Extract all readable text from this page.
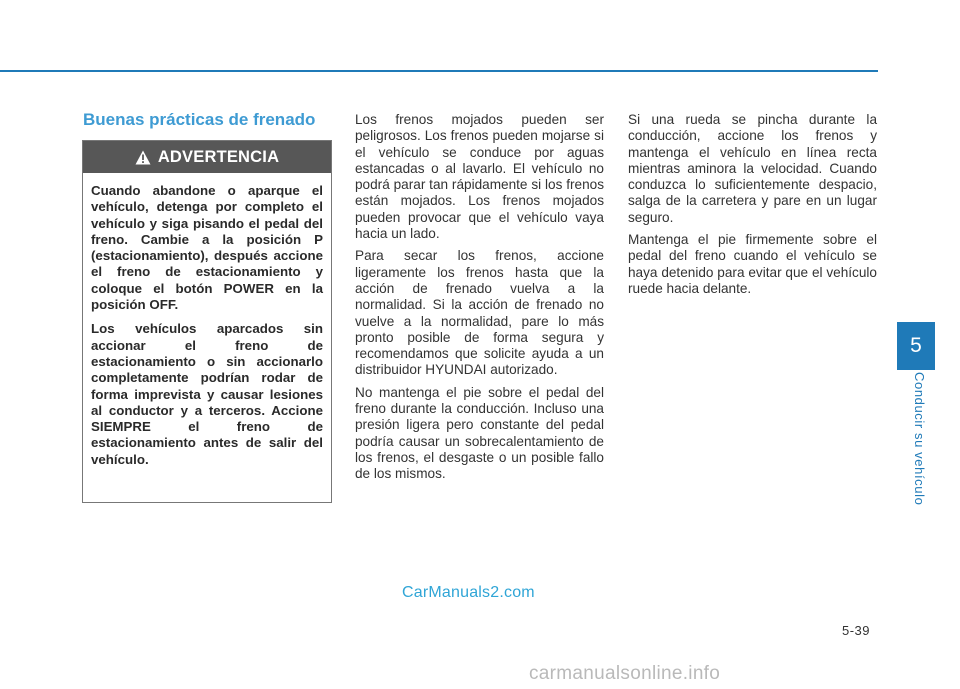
Buenas prácticas de frenado
ADVERTENCIA

Cuando abandone o aparque el vehículo, detenga por completo el vehículo y siga pisando el pedal del freno. Cambie a la posición P (estacionamiento), después accione el freno de estacionamiento y coloque el botón POWER en la posición OFF.

Los vehículos aparcados sin accionar el freno de estacionamiento o sin accionarlo completamente podrían rodar de forma imprevista y causar lesiones al conductor y a terceros. Accione SIEMPRE el freno de estacionamiento antes de salir del vehículo.

Los frenos mojados pueden ser peligrosos. Los frenos pueden mojarse si el vehículo se conduce por aguas estancadas o al lavarlo. El vehículo no podrá parar tan rápidamente si los frenos están mojados. Los frenos mojados pueden provocar que el vehículo vaya hacia un lado.

Para secar los frenos, accione ligeramente los frenos hasta que la acción de frenado vuelva a la normalidad. Si la acción de frenado no vuelve a la normalidad, pare lo más pronto posible de forma segura y recomendamos que solicite ayuda a un distribuidor HYUNDAI autorizado.

No mantenga el pie sobre el pedal del freno durante la conducción. Incluso una presión ligera pero constante del pedal podría causar un sobrecalentamiento de los frenos, el desgaste o un posible fallo de los mismos.

Si una rueda se pincha durante la conducción, accione los frenos y mantenga el vehículo en línea recta mientras aminora la velocidad. Cuando conduzca lo suficientemente despacio, salga de la carretera y pare en un lugar seguro.

Mantenga el pie firmemente sobre el pedal del freno cuando el vehículo se haya detenido para evitar que el vehículo ruede hacia delante.

5
Conducir su vehículo
5-39
CarManuals2.com
carmanualsonline.info
